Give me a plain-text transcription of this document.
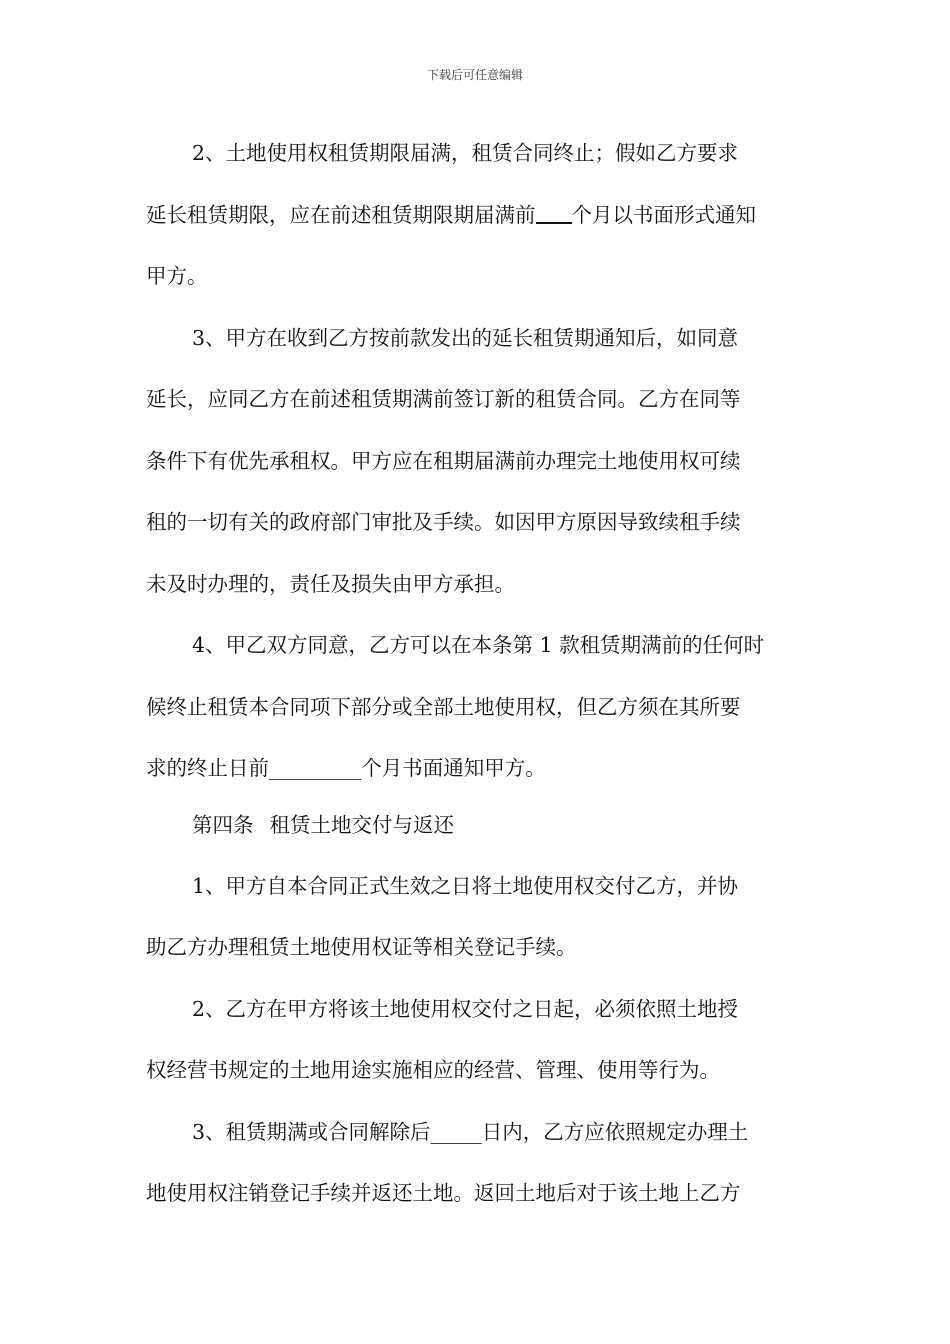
下载后可任意编辑
2、土地使用权租赁期限届满，租赁合同终止；假如乙方要求
延长租赁期限，应在前述租赁期限期届满前 个月以书面形式通知
甲方。
3、甲方在收到乙方按前款发出的延长租赁期通知后，如同意
延长，应同乙方在前述租赁期满前签订新的租赁合同。乙方在同等
条件下有优先承租权。甲方应在租期届满前办理完土地使用权可续
租的一切有关的政府部门审批及手续。如因甲方原因导致续租手续
未及时办理的，责任及损失由甲方承担。
4、甲乙双方同意，乙方可以在本条第 1 款租赁期满前的任何时
候终止租赁本合同项下部分或全部土地使用权，但乙方须在其所要
求的终止日前_________个月书面通知甲方。
第四条 租赁土地交付与返还
1、甲方自本合同正式生效之日将土地使用权交付乙方，并协
助乙方办理租赁土地使用权证等相关登记手续。
2、乙方在甲方将该土地使用权交付之日起，必须依照土地授
权经营书规定的土地用途实施相应的经营、管理、使用等行为。
3、租赁期满或合同解除后_____日内，乙方应依照规定办理土
地使用权注销登记手续并返还土地。返回土地后对于该土地上乙方
